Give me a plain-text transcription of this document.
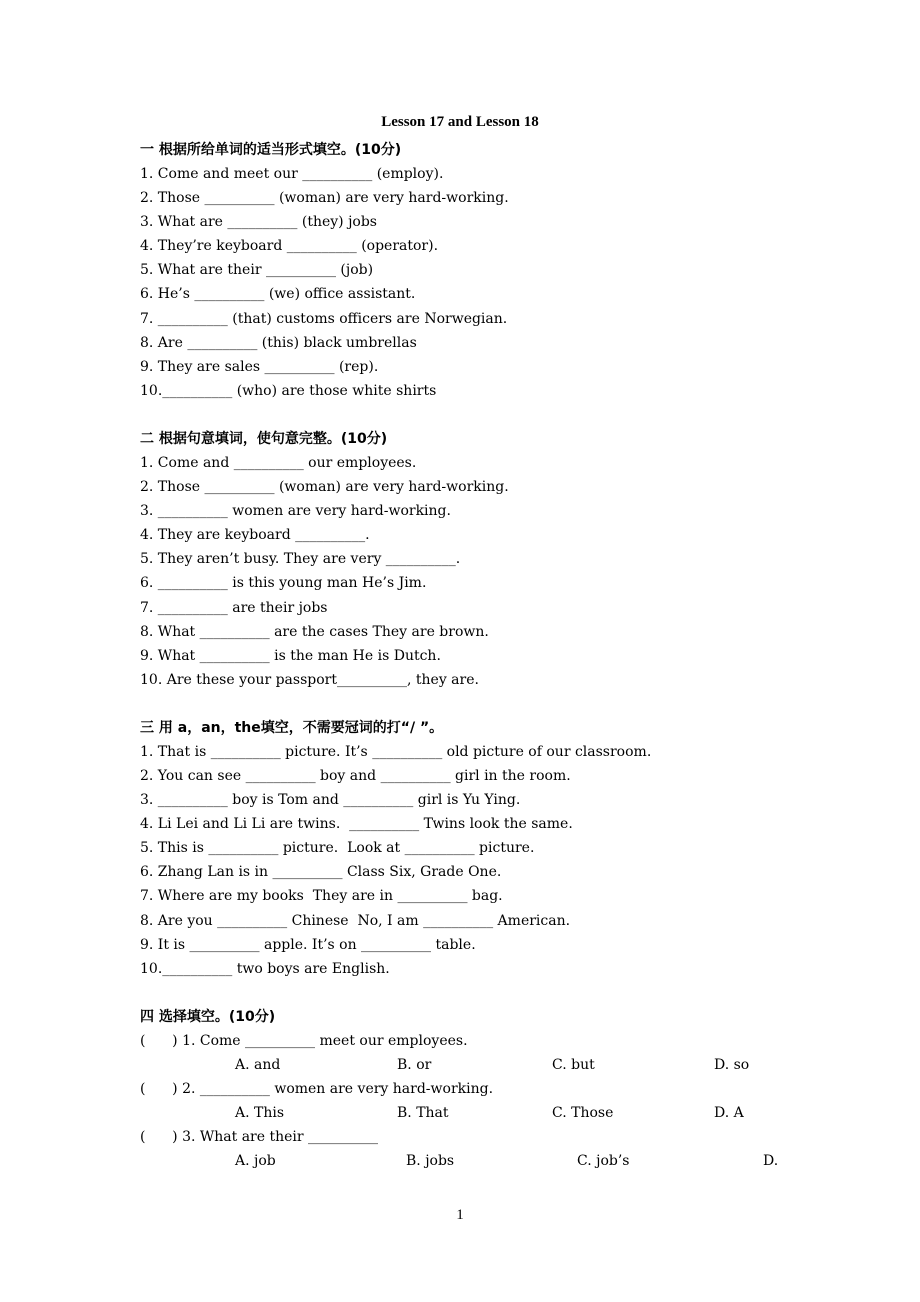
Lesson 17 and Lesson 18
一 根据所给单词的适当形式填空。(10分)
1. Come and meet our __________ (employ).
2. Those __________ (woman) are very hard-working.
3. What are __________ (they) jobs
4. They’re keyboard __________ (operator).
5. What are their __________ (job)
6. He’s __________ (we) office assistant.
7. __________ (that) customs officers are Norwegian.
8. Are __________ (this) black umbrellas
9. They are sales __________ (rep).
10.__________ (who) are those white shirts
二 根据句意填词，使句意完整。(10分)
1. Come and __________ our employees.
2. Those __________ (woman) are very hard-working.
3. __________ women are very hard-working.
4. They are keyboard __________.
5. They aren’t busy. They are very __________.
6. __________ is this young man He’s Jim.
7. __________ are their jobs
8. What __________ are the cases They are brown.
9. What __________ is the man He is Dutch.
10. Are these your passport__________, they are.
三 用 a，an，the填空，不需要冠词的打“/ ”。
1. That is __________ picture. It’s __________ old picture of our classroom.
2. You can see __________ boy and __________ girl in the room.
3. __________ boy is Tom and __________ girl is Yu Ying.
4. Li Lei and Li Li are twins.  __________ Twins look the same.
5. This is __________ picture.  Look at __________ picture.
6. Zhang Lan is in __________ Class Six, Grade One.
7. Where are my books  They are in __________ bag.
8. Are you __________ Chinese  No, I am __________ American.
9. It is __________ apple. It’s on __________ table.
10.__________ two boys are English.
四 选择填空。(10分)
(      ) 1. Come __________ meet our employees.
A. and	B. or	C. but	D. so
(      ) 2. __________ women are very hard-working.
A. This	B. That	C. Those	D. A
(      ) 3. What are their __________
A. job	B. jobs	C. job’s	D.
1
